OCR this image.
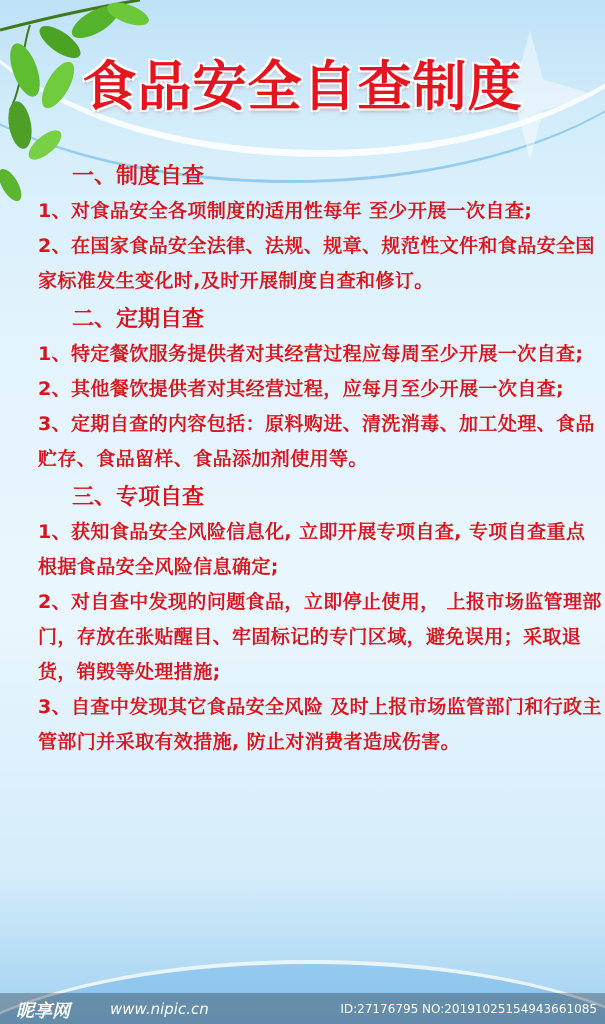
食品安全自查制度
一、制度自查
1、对食品安全各项制度的适用性每年 至少开展一次自查;
2、在国家食品安全法律、法规、规章、规范性文件和食品安全国家标准发生变化时,及时开展制度自查和修订。
二、定期自查
1、特定餐饮服务提供者对其经营过程应每周至少开展一次自查;
2、其他餐饮提供者对其经营过程，应每月至少开展一次自查;
3、定期自查的内容包括：原料购进、清洗消毒、加工处理、食品贮存、食品留样、食品添加剂使用等。
三、专项自查
1、获知食品安全风险信息化, 立即开展专项自查, 专项自查重点根据食品安全风险信息确定;
2、对自查中发现的问题食品，立即停止使用， 上报市场监管理部门，存放在张贴醒目、牢固标记的专门区域，避免误用；采取退货，销毁等处理措施;
3、自查中发现其它食品安全风险 及时上报市场监管部门和行政主管部门并采取有效措施, 防止对消费者造成伤害。
昵享网	www.nipic.cn	ID:27176795 NO:20191025154943661085
